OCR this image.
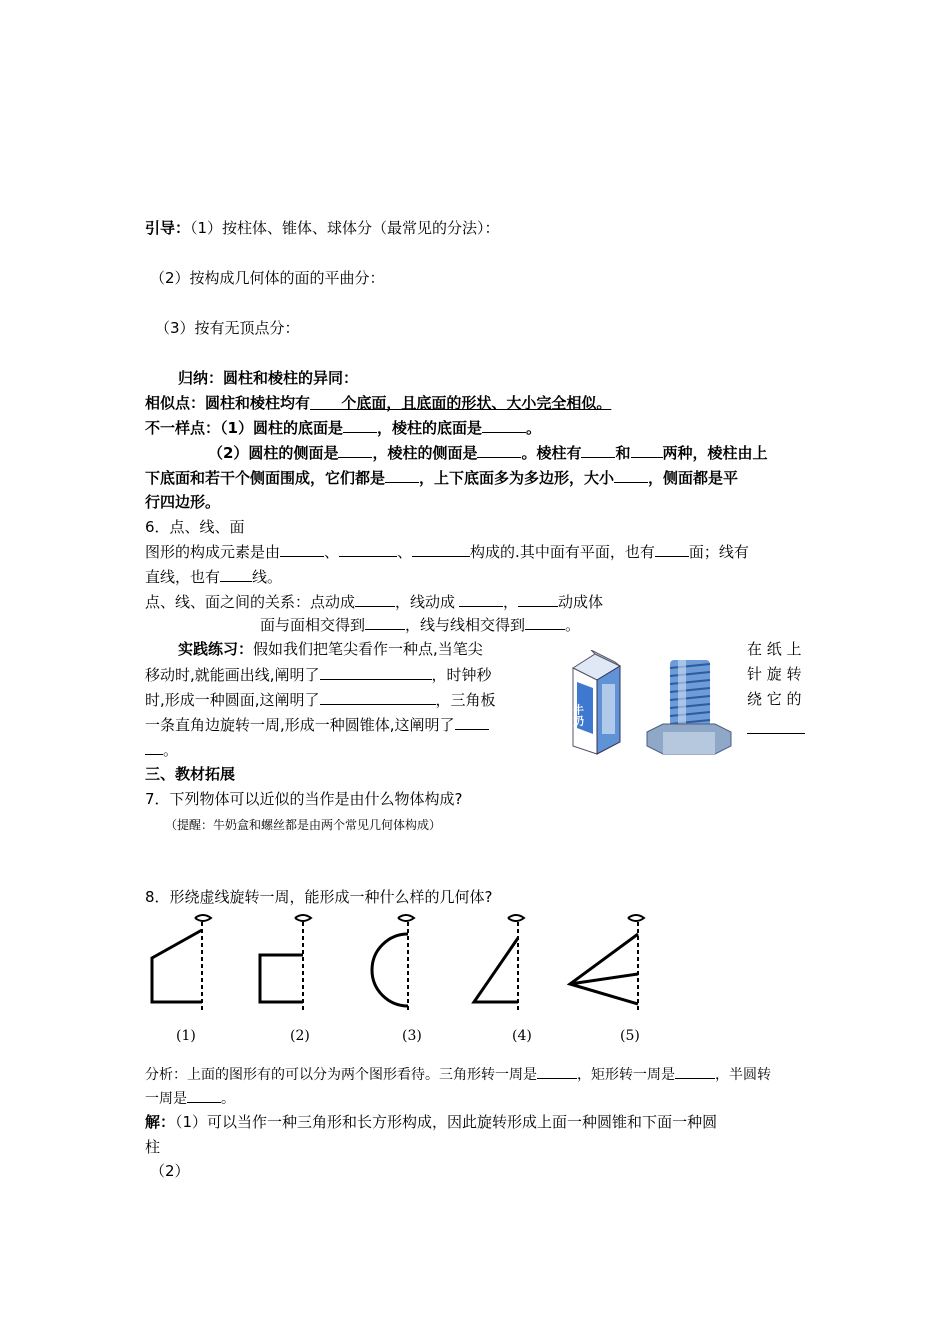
引导：（1）按柱体、锥体、球体分（最常见的分法）：
（2）按构成几何体的面的平曲分：
（3）按有无顶点分：
归纳：圆柱和棱柱的异同：
相似点：圆柱和棱柱均有 个底面，且底面的形状、大小完全相似。
不一样点：（1）圆柱的底面是 ，棱柱的底面是	。
（2）圆柱的侧面是 ，棱柱的侧面是	。棱柱有 和 两种，棱柱由上
下底面和若干个侧面围成，它们都是 ，上下底面多为多边形，大小 ，侧面都是平
行四边形。
6．点、线、面
图形的构成元素是由	、	、	构成的.其中面有平面，也有 面；线有
直线，也有 线。
点、线、面之间的关系：点动成	，线动成	，	动成体
面与面相交得到	，线与线相交得到	。
实践练习：假如我们把笔尖看作一种点,当笔尖	在 纸 上
移动时,就能画出线,阐明了	，时钟秒	针 旋 转
时,形成一种圆面,这阐明了	，三角板	绕 它 的
一条直角边旋转一周,形成一种圆锥体,这阐明了
。
牛奶
三、教材拓展
7．下列物体可以近似的当作是由什么物体构成?
（提醒：牛奶盒和螺丝都是由两个常见几何体构成）
8．形绕虚线旋转一周，能形成一种什么样的几何体?
(1)	(2)	(3)	(4)	(5)
分析：上面的图形有的可以分为两个图形看待。三角形转一周是	，矩形转一周是	，半圆转
一周是 。
解：（1）可以当作一种三角形和长方形构成，因此旋转形成上面一种圆锥和下面一种圆
柱
（2）
